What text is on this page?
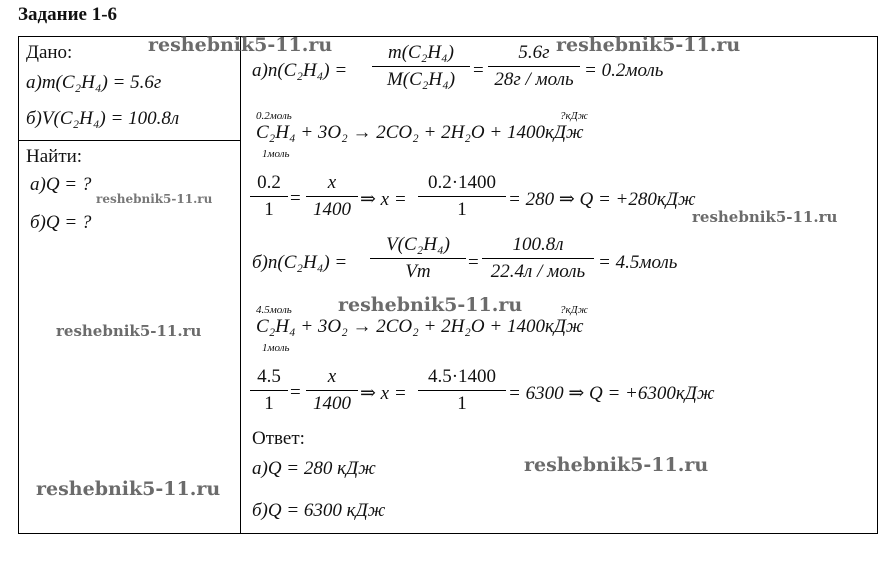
Задание 1-6
Дано:
а)m(C₂H₄) = 5.6г
б)V(C₂H₄) = 100.8л
Найти:
а)Q = ?
б)Q = ?
$а)n(C_2H_4) = \frac{\text{m(C₂H₄)}}{\text{M(C₂H₄)}}$ =
5.6г
28г / моль = 0.2моль
0.2моль	?кДж
C₂H₄ + 3O₂ → 2CO₂ + 2H₂O + 1400кДж
1моль
$\frac{0.2}{1} = \frac{x}{1400}$ ⇒ $x = \frac{0.2\cdot 1400}{1} = 280$ ⇒ Q = +280кДж
$б)n(C_2H_4) = \frac{\text{V(C₂H₄)}}{Vm}$ =
100.8л
22.4л / моль = 4.5моль
4.5моль	?кДж
C₂H₄ + 3O₂ → 2CO₂ + 2H₂O + 1400кДж
1моль
$\frac{4.5}{1} = \frac{x}{1400}$ ⇒ $x = \frac{4.5\cdot 1400}{1} = 6300$ ⇒ Q = +6300кДж
Ответ:
а)Q = 280 кДж
б)Q = 6300 кДж
reshebnik5-11.ru	reshebnik5-11.ru
reshebnik5-11.ru
reshebnik5-11.ru
reshebnik5-11.ru
reshebnik5-11.ru
reshebnik5-11.ru
reshebnik5-11.ru
